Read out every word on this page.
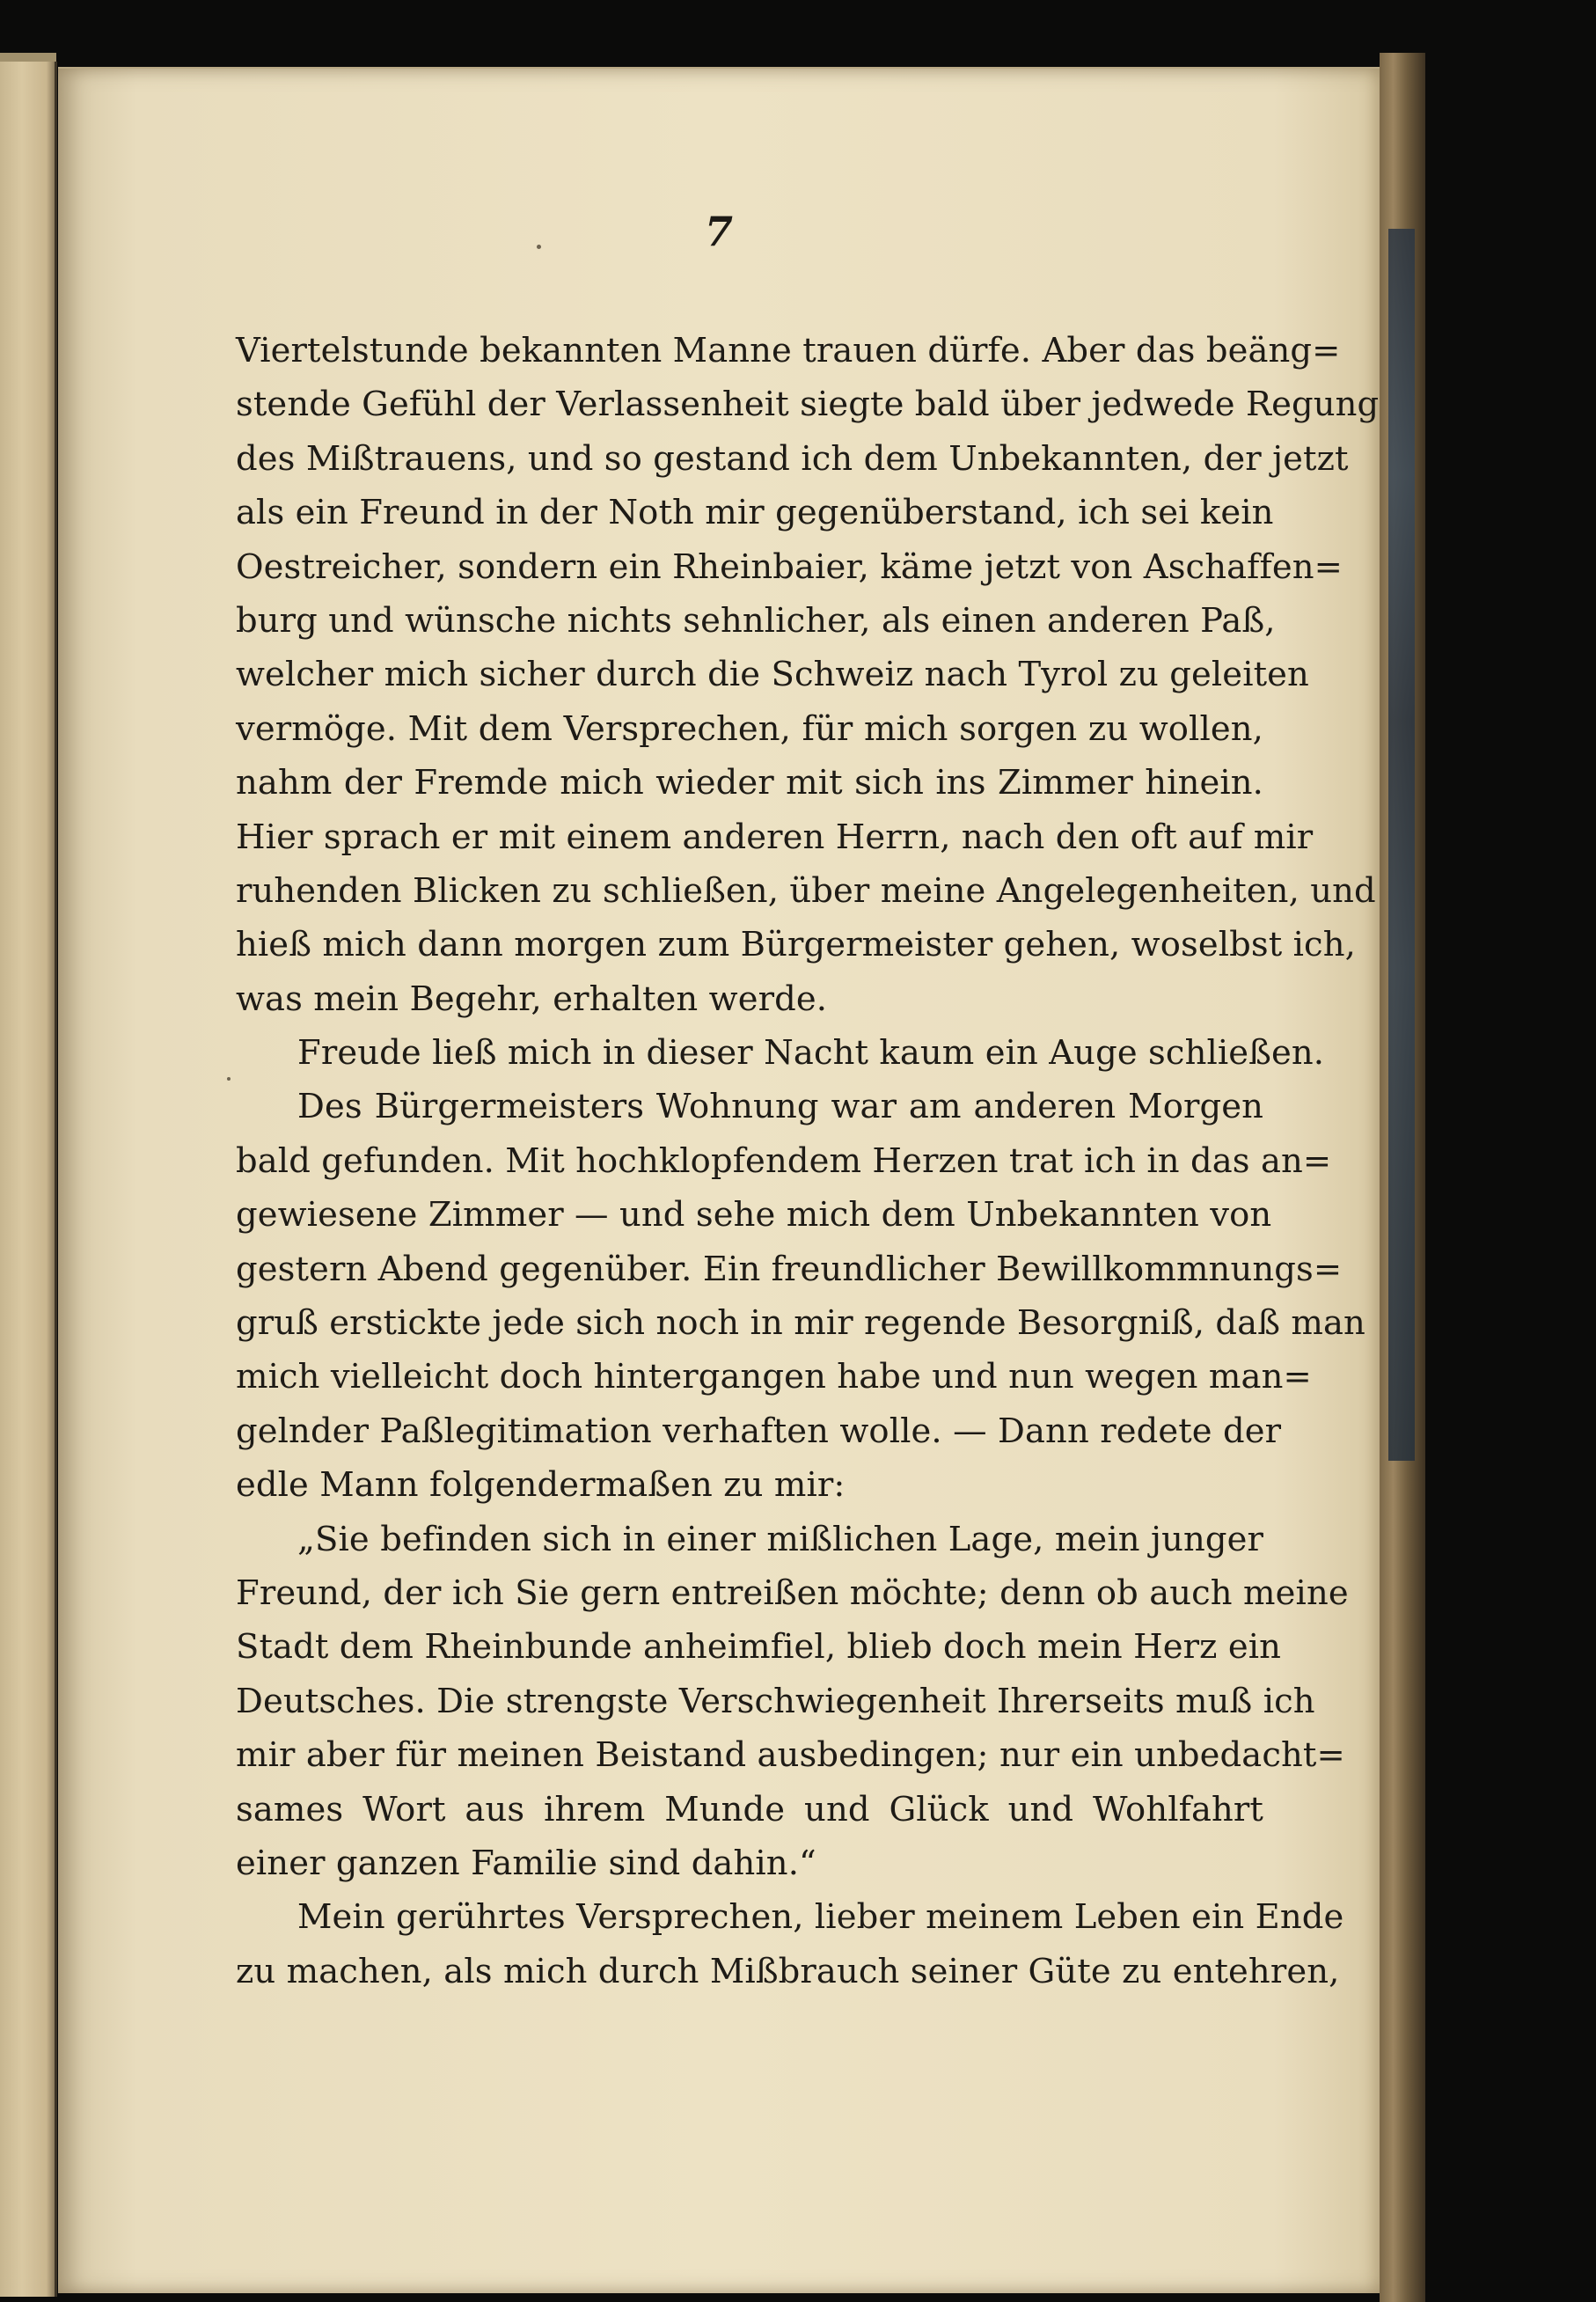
7
Viertelstunde bekannten Manne trauen dürfe. Aber das beäng=
stende Gefühl der Verlassenheit siegte bald über jedwede Regung
des Mißtrauens, und so gestand ich dem Unbekannten, der jetzt
als ein Freund in der Noth mir gegenüberstand, ich sei kein
Oestreicher, sondern ein Rheinbaier, käme jetzt von Aschaffen=
burg und wünsche nichts sehnlicher, als einen anderen Paß,
welcher mich sicher durch die Schweiz nach Tyrol zu geleiten
vermöge. Mit dem Versprechen, für mich sorgen zu wollen,
nahm der Fremde mich wieder mit sich ins Zimmer hinein.
Hier sprach er mit einem anderen Herrn, nach den oft auf mir
ruhenden Blicken zu schließen, über meine Angelegenheiten, und
hieß mich dann morgen zum Bürgermeister gehen, woselbst ich,
was mein Begehr, erhalten werde.
Freude ließ mich in dieser Nacht kaum ein Auge schließen.
Des Bürgermeisters Wohnung war am anderen Morgen
bald gefunden. Mit hochklopfendem Herzen trat ich in das an=
gewiesene Zimmer — und sehe mich dem Unbekannten von
gestern Abend gegenüber. Ein freundlicher Bewillkommnungs=
gruß erstickte jede sich noch in mir regende Besorgniß, daß man
mich vielleicht doch hintergangen habe und nun wegen man=
gelnder Paßlegitimation verhaften wolle. — Dann redete der
edle Mann folgendermaßen zu mir:
„Sie befinden sich in einer mißlichen Lage, mein junger
Freund, der ich Sie gern entreißen möchte; denn ob auch meine
Stadt dem Rheinbunde anheimfiel, blieb doch mein Herz ein
Deutsches. Die strengste Verschwiegenheit Ihrerseits muß ich
mir aber für meinen Beistand ausbedingen; nur ein unbedacht=
sames Wort aus ihrem Munde und Glück und Wohlfahrt
einer ganzen Familie sind dahin.“
Mein gerührtes Versprechen, lieber meinem Leben ein Ende
zu machen, als mich durch Mißbrauch seiner Güte zu entehren,
